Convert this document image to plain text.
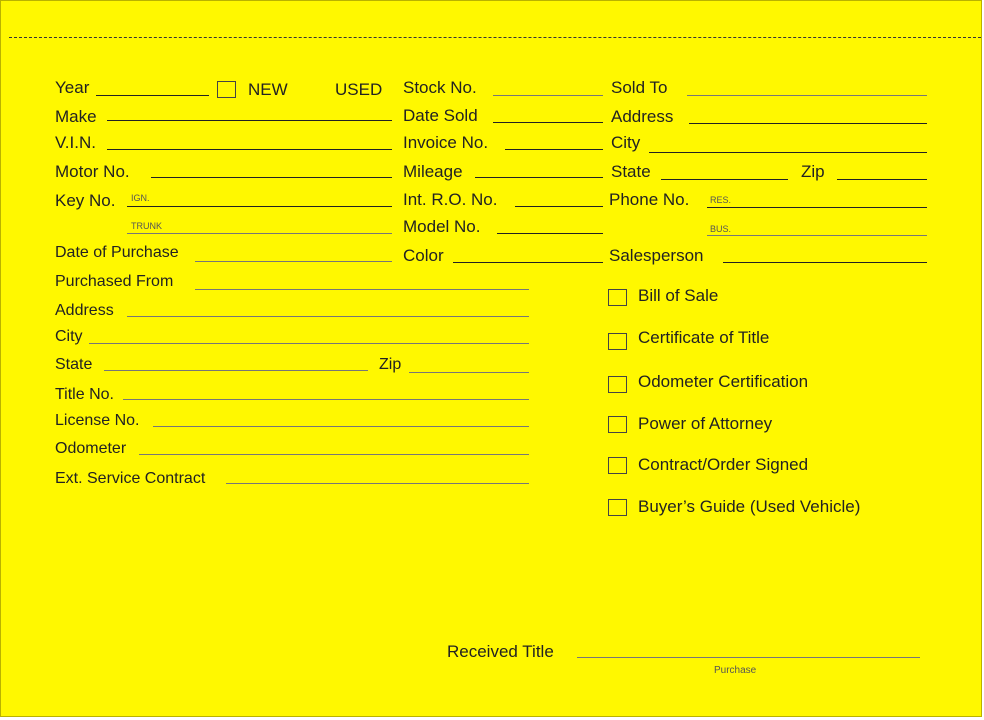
Year	NEW	USED
Make
V.I.N.
Motor No.
Key No. IGN.
TRUNK
Date of Purchase
Purchased From
Address
City
State	Zip
Title No.
License No.
Odometer
Ext. Service Contract
Stock No.
Date Sold
Invoice No.
Mileage
Int. R.O. No.
Model No.
Color
Sold To
Address
City
State	Zip
Phone No. RES.
BUS.
Salesperson
Bill of Sale
Certificate of Title
Odometer Certification
Power of Attorney
Contract/Order Signed
Buyer’s Guide (Used Vehicle)
Received Title
Purchase
